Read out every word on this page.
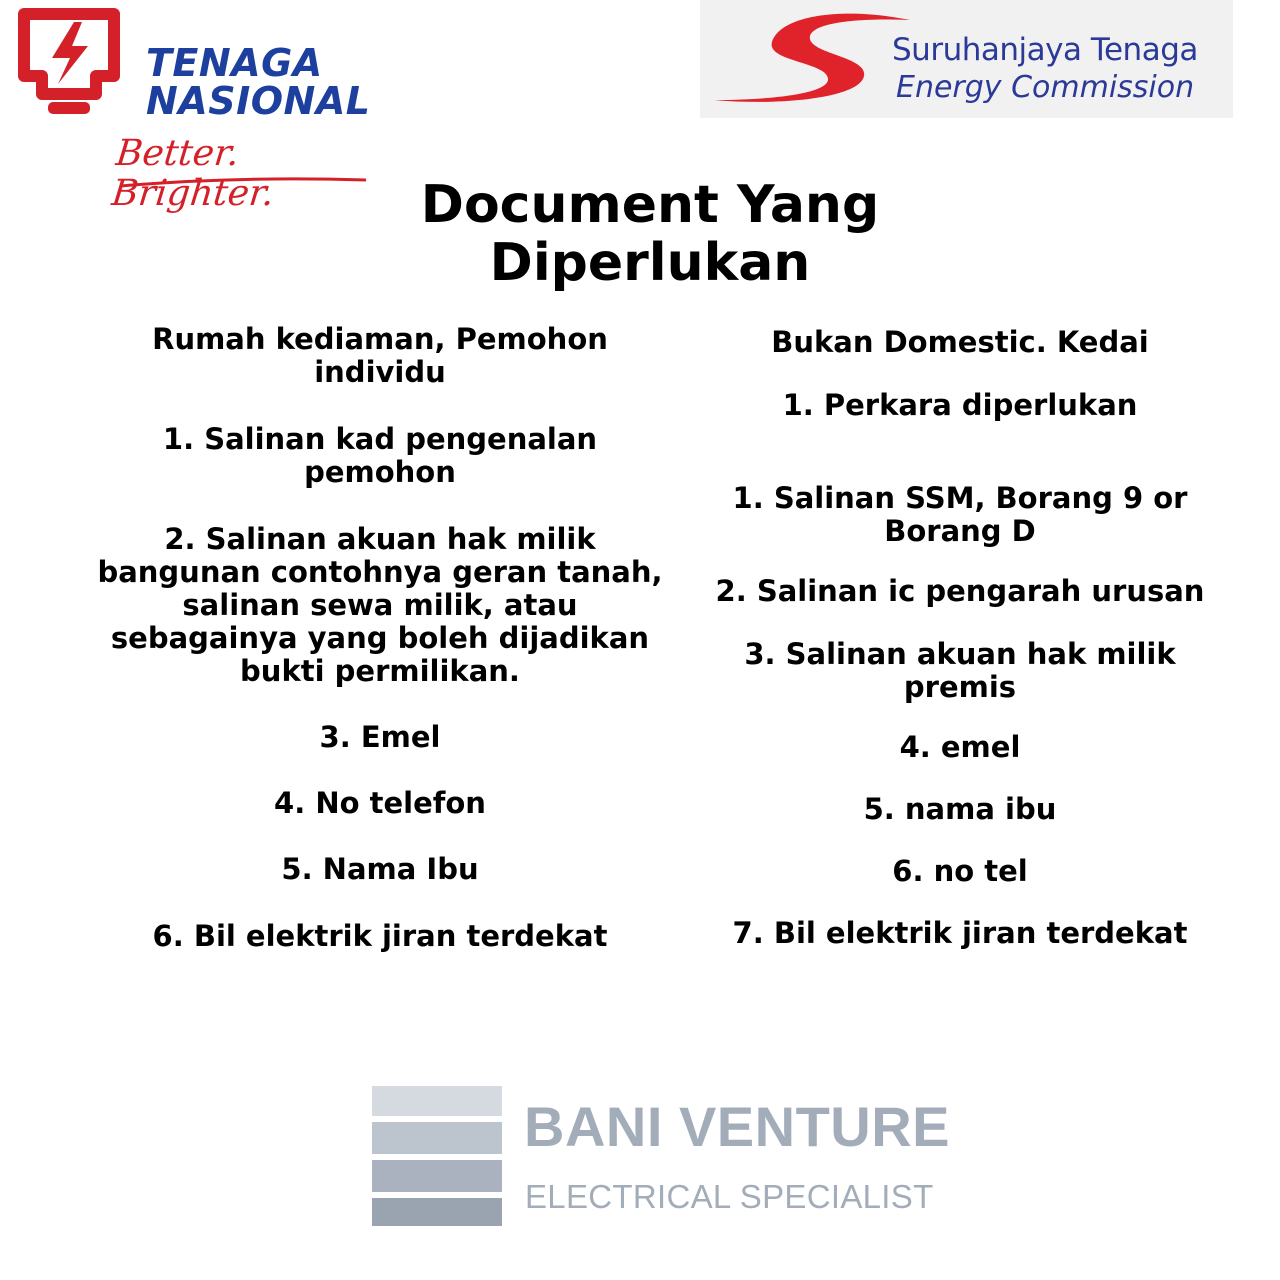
TENAGA
NASIONAL
Better. Brighter.
Suruhanjaya Tenaga
Energy Commission
Document Yang Diperlukan
Rumah kediaman, Pemohon
individu
1. Salinan kad pengenalan
pemohon
2. Salinan akuan hak milik
bangunan contohnya geran tanah,
salinan sewa milik, atau
sebagainya yang boleh dijadikan
bukti permilikan.
3. Emel
4. No telefon
5. Nama Ibu
6. Bil elektrik jiran terdekat
Bukan Domestic. Kedai
1. Perkara diperlukan
1. Salinan SSM, Borang 9 or
Borang D
2. Salinan ic pengarah urusan
3. Salinan akuan hak milik
premis
4. emel
5. nama ibu
6. no tel
7. Bil elektrik jiran terdekat
BANI VENTURE
ELECTRICAL SPECIALIST
